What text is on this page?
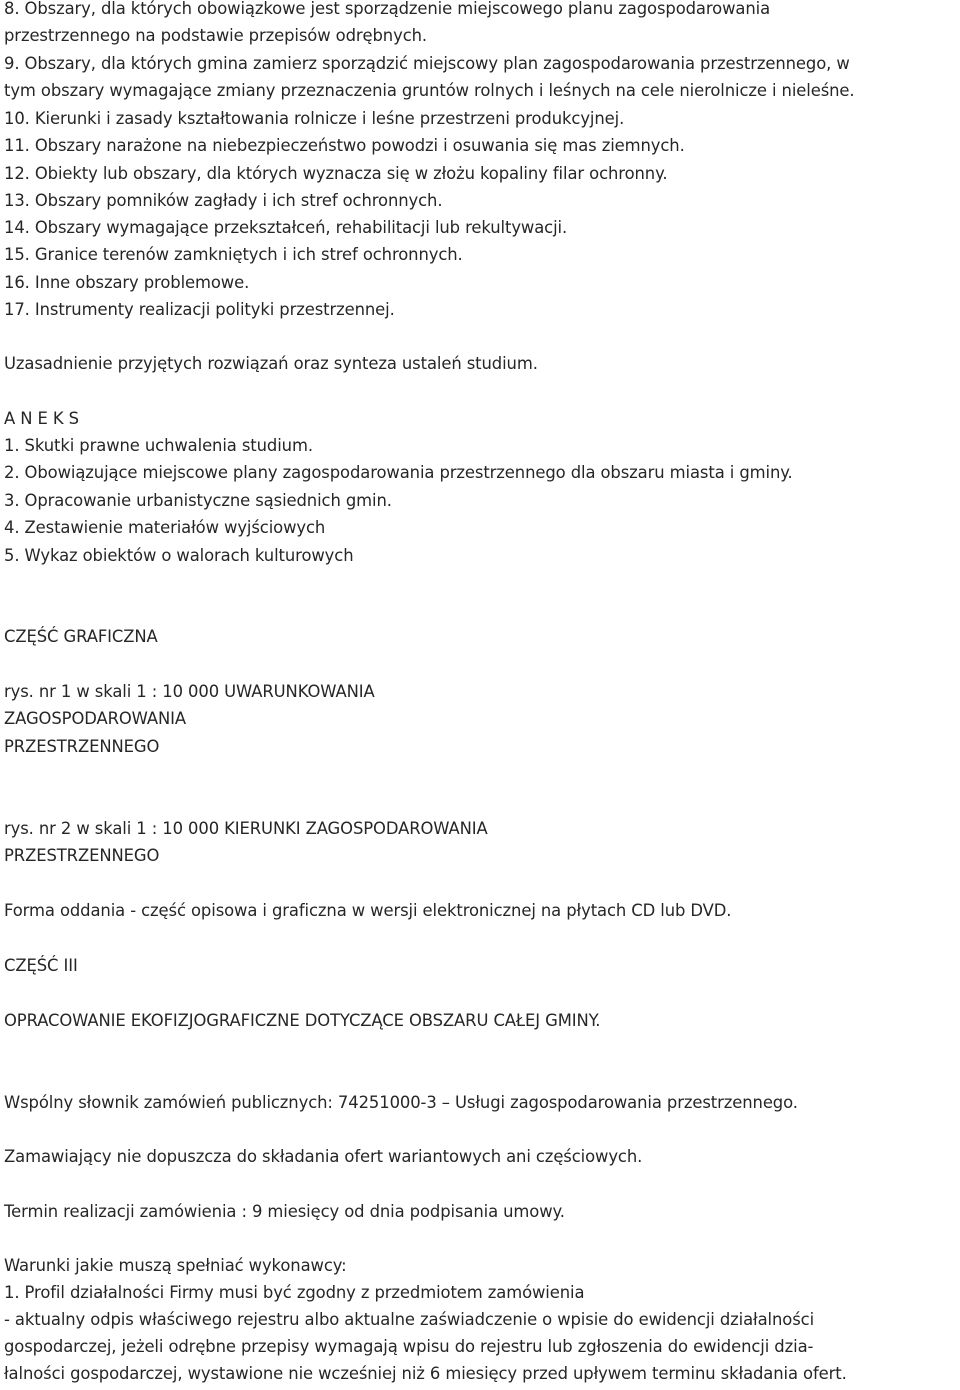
8. Obszary, dla których obowiązkowe jest sporządzenie miejscowego planu zagospodarowania
przestrzennego na podstawie przepisów odrębnych.
9. Obszary, dla których gmina zamierz sporządzić miejscowy plan zagospodarowania przestrzennego, w
tym obszary wymagające zmiany przeznaczenia gruntów rolnych i leśnych na cele nierolnicze i nieleśne.
10. Kierunki i zasady kształtowania rolnicze i leśne przestrzeni produkcyjnej.
11. Obszary narażone na niebezpieczeństwo powodzi i osuwania się mas ziemnych.
12. Obiekty lub obszary, dla których wyznacza się w złożu kopaliny filar ochronny.
13. Obszary pomników zagłady i ich stref ochronnych.
14. Obszary wymagające przekształceń, rehabilitacji lub rekultywacji.
15. Granice terenów zamkniętych i ich stref ochronnych.
16. Inne obszary problemowe.
17. Instrumenty realizacji polityki przestrzennej.
Uzasadnienie przyjętych rozwiązań oraz synteza ustaleń studium.
A N E K S
1. Skutki prawne uchwalenia studium.
2. Obowiązujące miejscowe plany zagospodarowania przestrzennego dla obszaru miasta i gminy.
3. Opracowanie urbanistyczne sąsiednich gmin.
4. Zestawienie materiałów wyjściowych
5. Wykaz obiektów o walorach kulturowych
CZĘŚĆ GRAFICZNA
rys. nr 1 w skali 1 : 10 000 UWARUNKOWANIA
ZAGOSPODAROWANIA
PRZESTRZENNEGO
rys. nr 2 w skali 1 : 10 000 KIERUNKI ZAGOSPODAROWANIA
PRZESTRZENNEGO
Forma oddania - część opisowa i graficzna w wersji elektronicznej na płytach CD lub DVD.
CZĘŚĆ III
OPRACOWANIE EKOFIZJOGRAFICZNE DOTYCZĄCE OBSZARU CAŁEJ GMINY.
Wspólny słownik zamówień publicznych: 74251000-3 – Usługi zagospodarowania przestrzennego.
Zamawiający nie dopuszcza do składania ofert wariantowych ani częściowych.
Termin realizacji zamówienia : 9 miesięcy od dnia podpisania umowy.
Warunki jakie muszą spełniać wykonawcy:
1. Profil działalności Firmy musi być zgodny z przedmiotem zamówienia
- aktualny odpis właściwego rejestru albo aktualne zaświadczenie o wpisie do ewidencji działalności
gospodarczej, jeżeli odrębne przepisy wymagają wpisu do rejestru lub zgłoszenia do ewidencji dzia-
łalności gospodarczej, wystawione nie wcześniej niż 6 miesięcy przed upływem terminu składania ofert.
